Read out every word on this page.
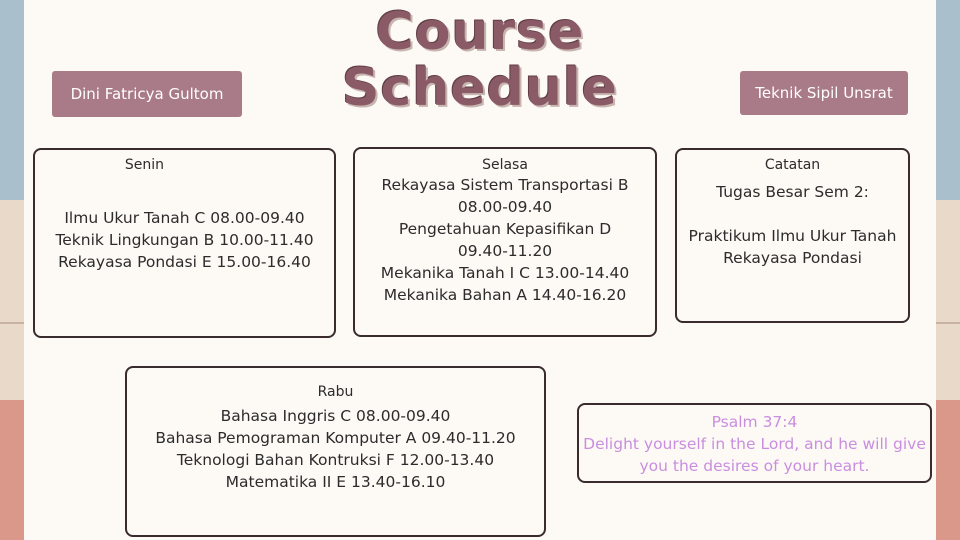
Course
Schedule
Dini Fatricya Gultom	Teknik Sipil Unsrat
Senin
Ilmu Ukur Tanah C 08.00-09.40
Teknik Lingkungan B 10.00-11.40
Rekayasa Pondasi E 15.00-16.40
Selasa
Rekayasa Sistem Transportasi B
08.00-09.40
Pengetahuan Kepasifikan D
09.40-11.20
Mekanika Tanah I C 13.00-14.40
Mekanika Bahan A 14.40-16.20
Catatan
Tugas Besar Sem 2:
Praktikum Ilmu Ukur Tanah
Rekayasa Pondasi
Rabu
Bahasa Inggris C 08.00-09.40
Bahasa Pemograman Komputer A 09.40-11.20
Teknologi Bahan Kontruksi F 12.00-13.40
Matematika II E 13.40-16.10
Psalm 37:4
Delight yourself in the Lord, and he will give
you the desires of your heart.
